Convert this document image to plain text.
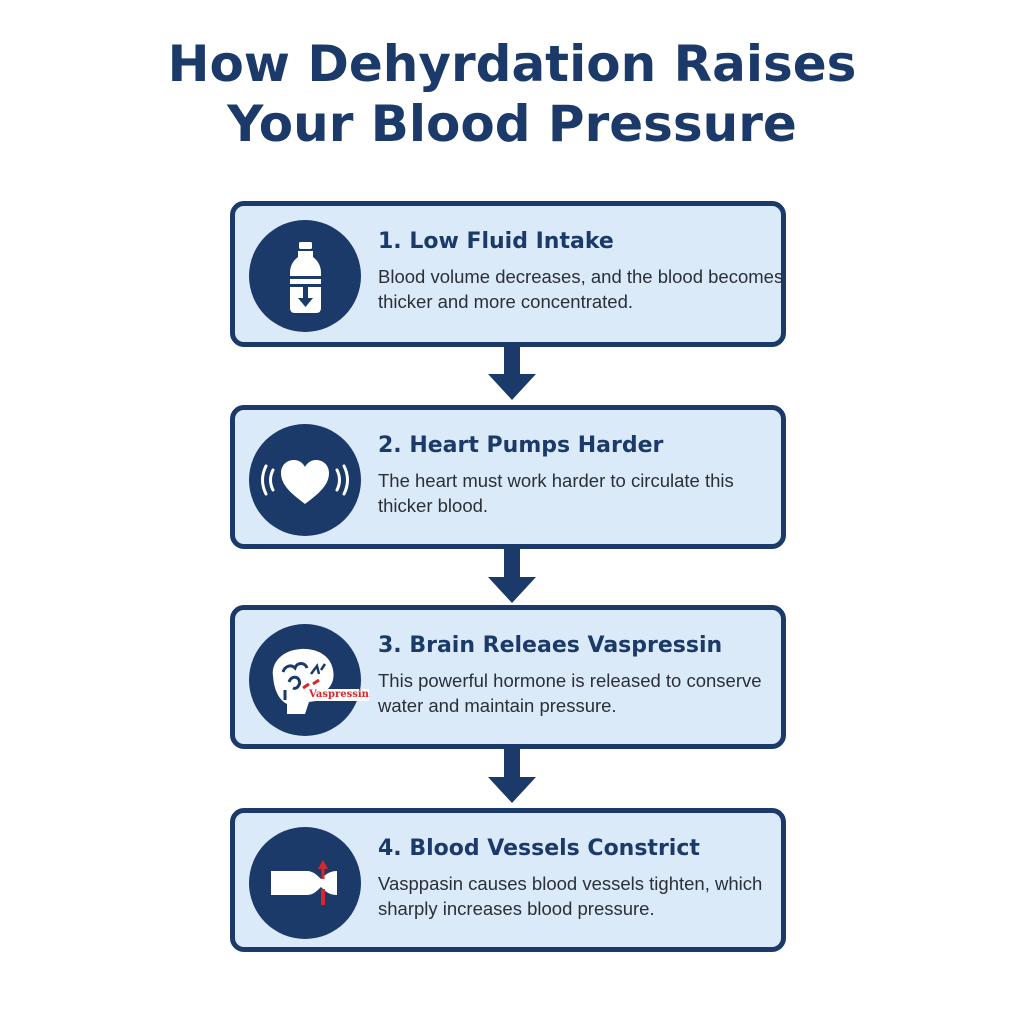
How Dehyrdation Raises
Your Blood Pressure
1. Low Fluid Intake
Blood volume decreases, and the blood becomes thicker and more concentrated.
2. Heart Pumps Harder
The heart must work harder to circulate this thicker blood.
Vaspressin
3. Brain Releaes Vaspressin
This powerful hormone is released to conserve water and maintain pressure.
4. Blood Vessels Constrict
Vasppasin causes blood vessels tighten, which sharply increases blood pressure.
